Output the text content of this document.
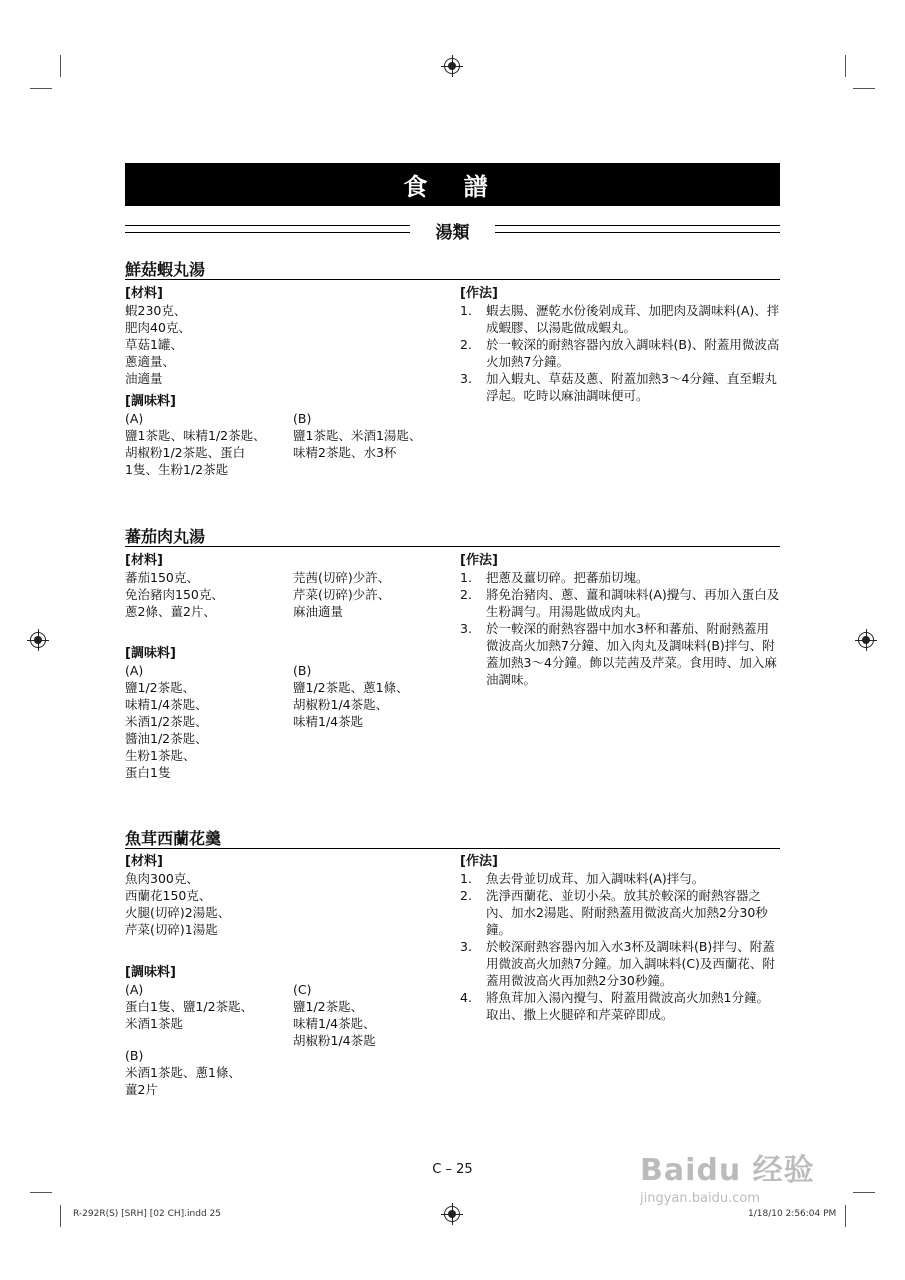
食 譜
湯類
鮮菇蝦丸湯
[材料]
蝦230克、
肥肉40克、
草菇1罐、
蔥適量、
油適量
[調味料]
(A)
鹽1茶匙、味精1/2茶匙、
胡椒粉1/2茶匙、蛋白
1隻、生粉1/2茶匙
(B)
鹽1茶匙、米酒1湯匙、
味精2茶匙、水3杯
[作法]
1.	蝦去腸、瀝乾水份後剁成茸、加肥肉及調味料(A)、拌成蝦膠、以湯匙做成蝦丸。
2.	於一較深的耐熱容器內放入調味料(B)、附蓋用微波高火加熱7分鐘。
3.	加入蝦丸、草菇及蔥、附蓋加熱3～4分鐘、直至蝦丸浮起。吃時以麻油調味便可。
蕃茄肉丸湯
[材料]
蕃茄150克、
免治豬肉150克、
蔥2條、薑2片、
芫茜(切碎)少許、
芹菜(切碎)少許、
麻油適量
[調味料]
(A)
鹽1/2茶匙、
味精1/4茶匙、
米酒1/2茶匙、
醬油1/2茶匙、
生粉1茶匙、
蛋白1隻
(B)
鹽1/2茶匙、蔥1條、
胡椒粉1/4茶匙、
味精1/4茶匙
[作法]
1.	把蔥及薑切碎。把蕃茄切塊。
2.	將免治豬肉、蔥、薑和調味料(A)攪勻、再加入蛋白及生粉調勻。用湯匙做成肉丸。
3.	於一較深的耐熱容器中加水3杯和蕃茄、附耐熱蓋用微波高火加熱7分鐘、加入肉丸及調味料(B)拌勻、附蓋加熱3～4分鐘。飾以芫茜及芹菜。食用時、加入麻油調味。
魚茸西蘭花羹
[材料]
魚肉300克、
西蘭花150克、
火腿(切碎)2湯匙、
芹菜(切碎)1湯匙
[調味料]
(A)
蛋白1隻、鹽1/2茶匙、
米酒1茶匙
(C)
鹽1/2茶匙、
味精1/4茶匙、
胡椒粉1/4茶匙
(B)
米酒1茶匙、蔥1條、
薑2片
[作法]
1.	魚去骨並切成茸、加入調味料(A)拌勻。
2.	洗淨西蘭花、並切小朵。放其於較深的耐熱容器之內、加水2湯匙、附耐熱蓋用微波高火加熱2分30秒鐘。
3.	於較深耐熱容器內加入水3杯及調味料(B)拌勻、附蓋用微波高火加熱7分鐘。加入調味料(C)及西蘭花、附蓋用微波高火再加熱2分30秒鐘。
4.	將魚茸加入湯內攪勻、附蓋用微波高火加熱1分鐘。取出、撒上火腿碎和芹菜碎即成。
C – 25
R-292R(S) [SRH] [02 CH].indd 25	1/18/10 2:56:04 PM
Baidu 经验
jingyan.baidu.com
